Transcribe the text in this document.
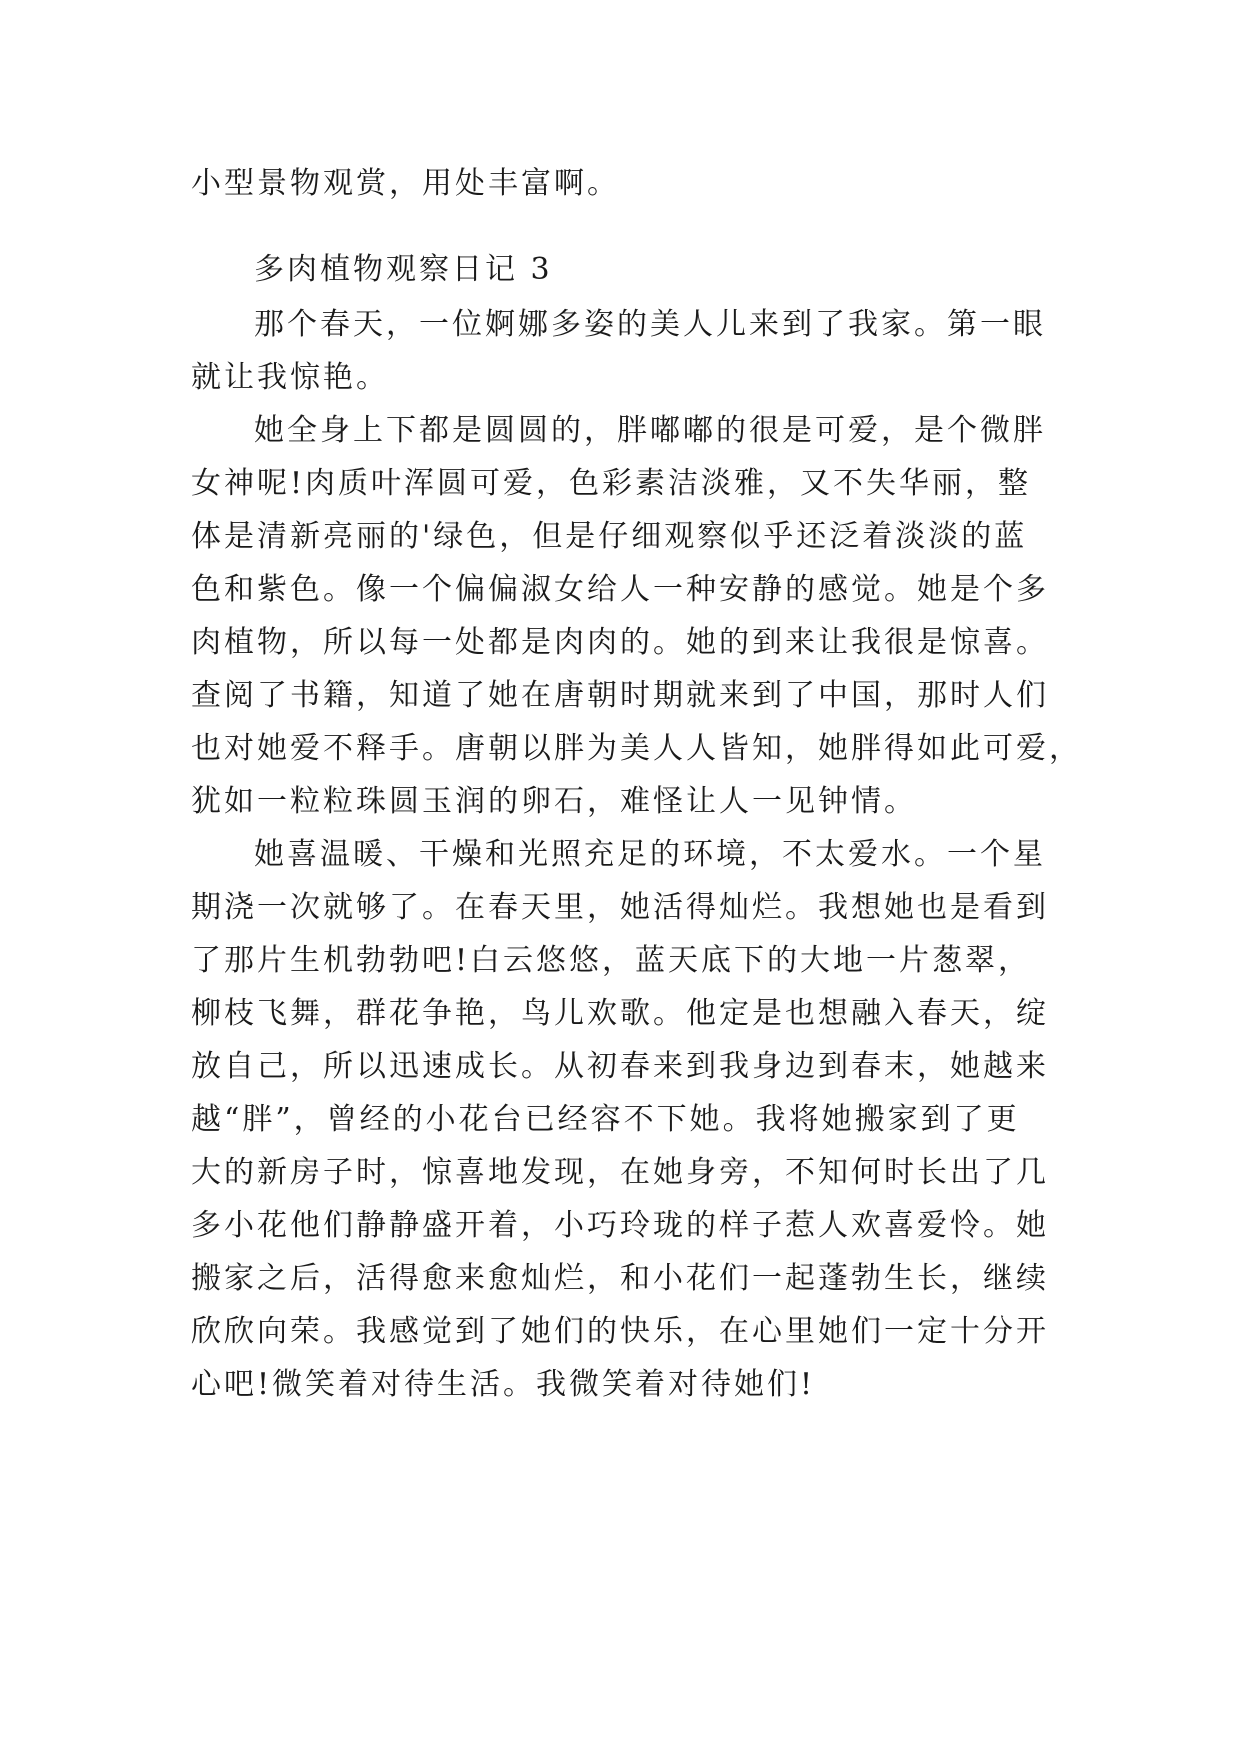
小型景物观赏，用处丰富啊。
多肉植物观察日记 3
那个春天，一位婀娜多姿的美人儿来到了我家。第一眼
就让我惊艳。
她全身上下都是圆圆的，胖嘟嘟的很是可爱，是个微胖
女神呢!肉质叶浑圆可爱，色彩素洁淡雅，又不失华丽，整
体是清新亮丽的'绿色，但是仔细观察似乎还泛着淡淡的蓝
色和紫色。像一个偏偏淑女给人一种安静的感觉。她是个多
肉植物，所以每一处都是肉肉的。她的到来让我很是惊喜。
查阅了书籍，知道了她在唐朝时期就来到了中国，那时人们
也对她爱不释手。唐朝以胖为美人人皆知，她胖得如此可爱，
犹如一粒粒珠圆玉润的卵石，难怪让人一见钟情。
她喜温暖、干燥和光照充足的环境，不太爱水。一个星
期浇一次就够了。在春天里，她活得灿烂。我想她也是看到
了那片生机勃勃吧!白云悠悠，蓝天底下的大地一片葱翠，
柳枝飞舞，群花争艳，鸟儿欢歌。他定是也想融入春天，绽
放自己，所以迅速成长。从初春来到我身边到春末，她越来
越“胖”，曾经的小花台已经容不下她。我将她搬家到了更
大的新房子时，惊喜地发现，在她身旁，不知何时长出了几
多小花他们静静盛开着，小巧玲珑的样子惹人欢喜爱怜。她
搬家之后，活得愈来愈灿烂，和小花们一起蓬勃生长，继续
欣欣向荣。我感觉到了她们的快乐，在心里她们一定十分开
心吧!微笑着对待生活。我微笑着对待她们!
